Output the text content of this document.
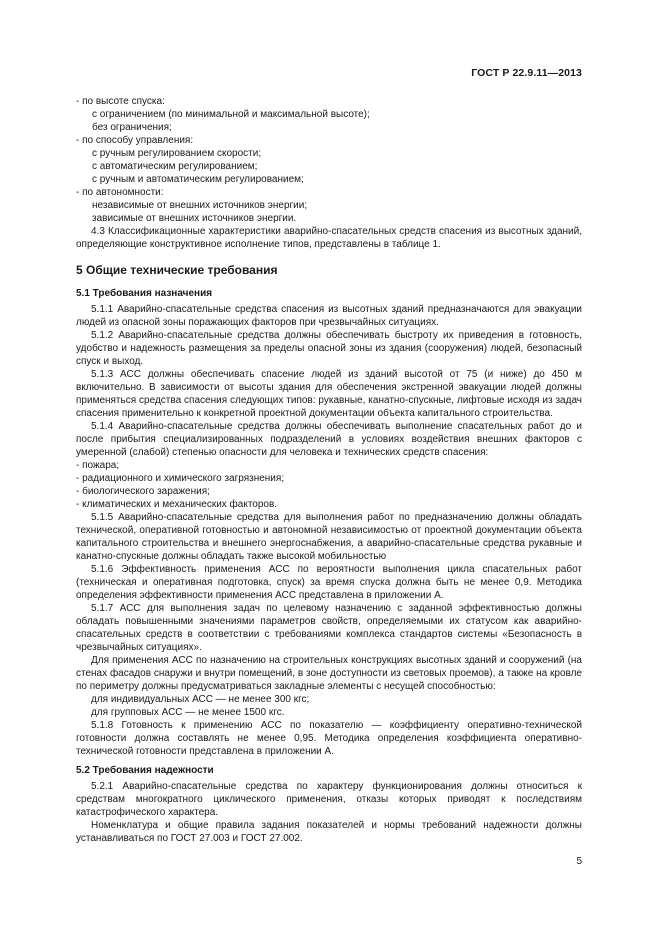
ГОСТ Р 22.9.11—2013
- по высоте спуска:
с ограничением (по минимальной и максимальной высоте);
без ограничения;
- по способу управления:
с ручным регулированием скорости;
с автоматическим регулированием;
с ручным и автоматическим регулированием;
- по автономности:
независимые от внешних источников энергии;
зависимые от внешних источников энергии.
4.3 Классификационные характеристики аварийно-спасательных средств спасения из высотных зданий, определяющие конструктивное исполнение типов, представлены в таблице 1.
5 Общие технические требования
5.1 Требования назначения
5.1.1 Аварийно-спасательные средства спасения из высотных зданий предназначаются для эвакуации людей из опасной зоны поражающих факторов при чрезвычайных ситуациях.
5.1.2 Аварийно-спасательные средства должны обеспечивать быстроту их приведения в готовность, удобство и надежность размещения за пределы опасной зоны из здания (сооружения) людей, безопасный спуск и выход.
5.1.3 АСС должны обеспечивать спасение людей из зданий высотой от 75 (и ниже) до 450 м включительно. В зависимости от высоты здания для обеспечения экстренной эвакуации людей должны применяться средства спасения следующих типов: рукавные, канатно-спускные, лифтовые исходя из задач спасения применительно к конкретной проектной документации объекта капитального строительства.
5.1.4 Аварийно-спасательные средства должны обеспечивать выполнение спасательных работ до и после прибытия специализированных подразделений в условиях воздействия внешних факторов с умеренной (слабой) степенью опасности для человека и технических средств спасения:
- пожара;
- радиационного и химического загрязнения;
- биологического заражения;
- климатических и механических факторов.
5.1.5 Аварийно-спасательные средства для выполнения работ по предназначению должны обладать технической, оперативной готовностью и автономной независимостью от проектной документации объекта капитального строительства и внешнего энергоснабжения, а аварийно-спасательные средства рукавные и канатно-спускные должны обладать также высокой мобильностью
5.1.6 Эффективность применения АСС по вероятности выполнения цикла спасательных работ (техническая и оперативная подготовка, спуск) за время спуска должна быть не менее 0,9. Методика определения эффективности применения АСС представлена в приложении А.
5.1.7 АСС для выполнения задач по целевому назначению с заданной эффективностью должны обладать повышенными значениями параметров свойств, определяемыми их статусом как аварийно-спасательных средств в соответствии с требованиями комплекса стандартов системы «Безопасность в чрезвычайных ситуациях».
Для применения АСС по назначению на строительных конструкциях высотных зданий и сооружений (на стенах фасадов снаружи и внутри помещений, в зоне доступности из световых проемов), а также на кровле по периметру должны предусматриваться закладные элементы с несущей способностью:
для индивидуальных АСС — не менее 300 кгс;
для групповых АСС — не менее 1500 кгс.
5.1.8 Готовность к применению АСС по показателю — коэффициенту оперативно-технической готовности должна составлять не менее 0,95. Методика определения коэффициента оперативно-технической готовности представлена в приложении А.
5.2 Требования надежности
5.2.1 Аварийно-спасательные средства по характеру функционирования должны относиться к средствам многократного циклического применения, отказы которых приводят к последствиям катастрофического характера.
Номенклатура и общие правила задания показателей и нормы требований надежности должны устанавливаться по ГОСТ 27.003 и ГОСТ 27.002.
5
